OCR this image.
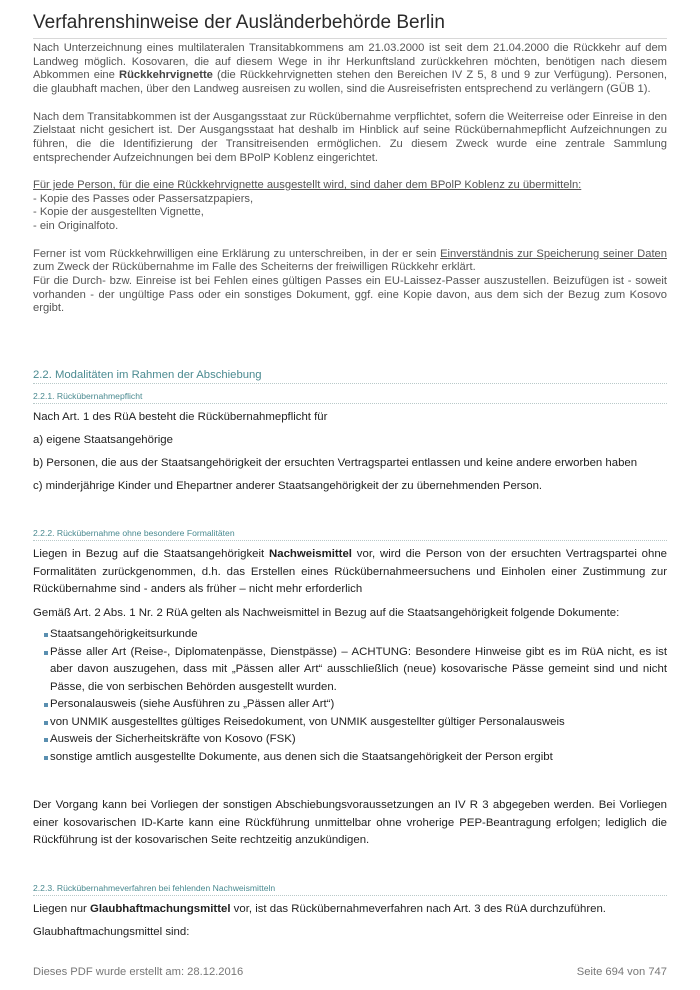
Verfahrenshinweise der Ausländerbehörde Berlin

Nach Unterzeichnung eines multilateralen Transitabkommens am 21.03.2000 ist seit dem 21.04.2000 die Rückkehr auf dem Landweg möglich. Kosovaren, die auf diesem Wege in ihr Herkunftsland zurückkehren möchten, benötigen nach diesem Abkommen eine Rückkehrvignette (die Rückkehrvignetten stehen den Bereichen IV Z 5, 8 und 9 zur Verfügung). Personen, die glaubhaft machen, über den Landweg ausreisen zu wollen, sind die Ausreisefristen entsprechend zu verlängern (GÜB 1).

Nach dem Transitabkommen ist der Ausgangsstaat zur Rückübernahme verpflichtet, sofern die Weiterreise oder Einreise in den Zielstaat nicht gesichert ist. Der Ausgangsstaat hat deshalb im Hinblick auf seine Rückübernahmepflicht Aufzeichnungen zu führen, die die Identifizierung der Transitreisenden ermöglichen. Zu diesem Zweck wurde eine zentrale Sammlung entsprechender Aufzeichnungen bei dem BPolP Koblenz eingerichtet.

Für jede Person, für die eine Rückkehrvignette ausgestellt wird, sind daher dem BPolP Koblenz zu übermitteln:
- Kopie des Passes oder Passersatzpapiers,
- Kopie der ausgestellten Vignette,
- ein Originalfoto.

Ferner ist vom Rückkehrwilligen eine Erklärung zu unterschreiben, in der er sein Einverständnis zur Speicherung seiner Daten zum Zweck der Rückübernahme im Falle des Scheiterns der freiwilligen Rückkehr erklärt.

Für die Durch- bzw. Einreise ist bei Fehlen eines gültigen Passes ein EU-Laissez-Passer auszustellen. Beizufügen ist - soweit vorhanden - der ungültige Pass oder ein sonstiges Dokument, ggf. eine Kopie davon, aus dem sich der Bezug zum Kosovo ergibt.

2.2. Modalitäten im Rahmen der Abschiebung
2.2.1. Rückübernahmepflicht

Nach Art. 1 des RüA besteht die Rückübernahmepflicht für

a) eigene Staatsangehörige

b) Personen, die aus der Staatsangehörigkeit der ersuchten Vertragspartei entlassen und keine andere erworben haben

c) minderjährige Kinder und Ehepartner anderer Staatsangehörigkeit der zu übernehmenden Person.

2.2.2. Rückübernahme ohne besondere Formalitäten

Liegen in Bezug auf die Staatsangehörigkeit Nachweismittel vor, wird die Person von der ersuchten Vertragspartei ohne Formalitäten zurückgenommen, d.h. das Erstellen eines Rückübernahmeersuchens und Einholen einer Zustimmung zur Rückübernahme sind - anders als früher – nicht mehr erforderlich

Gemäß Art. 2 Abs. 1 Nr. 2 RüA gelten als Nachweismittel in Bezug auf die Staatsangehörigkeit folgende Dokumente:

Staatsangehörigkeitsurkunde
Pässe aller Art (Reise-, Diplomatenpässe, Dienstpässe) – ACHTUNG: Besondere Hinweise gibt es im RüA nicht, es ist aber davon auszugehen, dass mit „Pässen aller Art“ ausschließlich (neue) kosovarische Pässe gemeint sind und nicht Pässe, die von serbischen Behörden ausgestellt wurden.
Personalausweis (siehe Ausführen zu „Pässen aller Art“)
von UNMIK ausgestelltes gültiges Reisedokument, von UNMIK ausgestellter gültiger Personalausweis
Ausweis der Sicherheitskräfte von Kosovo (FSK)
sonstige amtlich ausgestellte Dokumente, aus denen sich die Staatsangehörigkeit der Person ergibt
Der Vorgang kann bei Vorliegen der sonstigen Abschiebungsvoraussetzungen an IV R 3 abgegeben werden. Bei Vorliegen einer kosovarischen ID-Karte kann eine Rückführung unmittelbar ohne vroherige PEP-Beantragung erfolgen; lediglich die Rückführung ist der kosovarischen Seite rechtzeitig anzukündigen.
2.2.3. Rückübernahmeverfahren bei fehlenden Nachweismitteln

Liegen nur Glaubhaftmachungsmittel vor, ist das Rückübernahmeverfahren nach Art. 3 des RüA durchzuführen.

Glaubhaftmachungsmittel sind:

Dieses PDF wurde erstellt am: 28.12.2016	Seite 694 von 747
